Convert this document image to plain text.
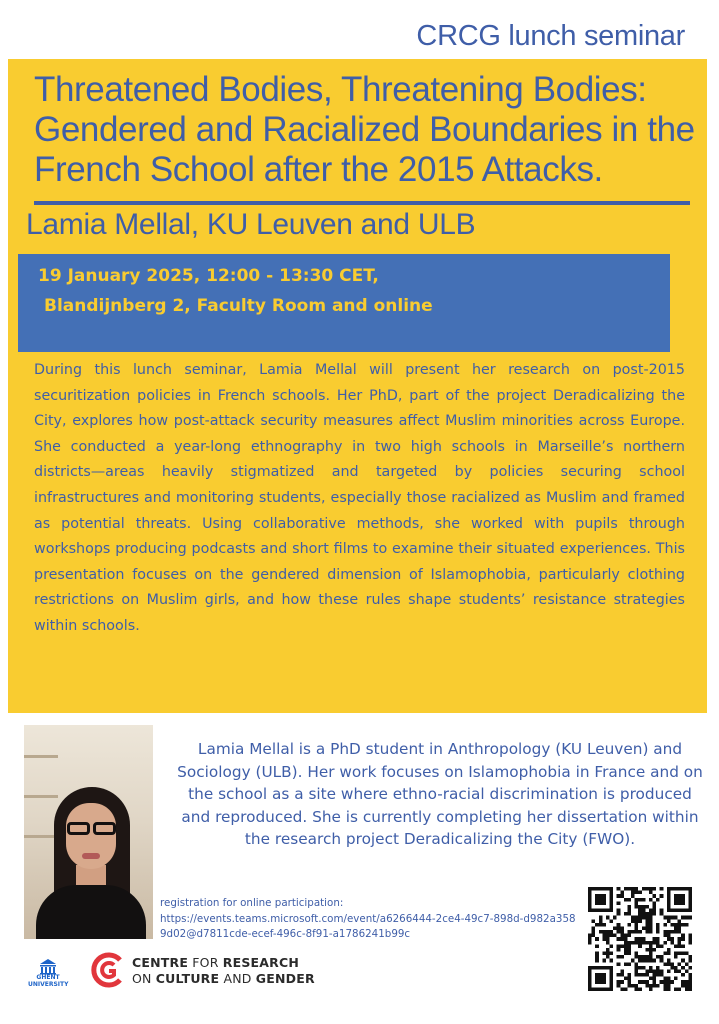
CRCG lunch seminar
Threatened Bodies, Threatening Bodies: Gendered and Racialized Boundaries in the French School after the 2015 Attacks.
Lamia Mellal, KU Leuven and ULB
19 January 2025, 12:00 - 13:30 CET,
Blandijnberg 2, Faculty Room and online

During this lunch seminar, Lamia Mellal will present her research on post-2015 securitization policies in French schools. Her PhD, part of the project Deradicalizing the City, explores how post-attack security measures affect Muslim minorities across Europe. She conducted a year-long ethnography in two high schools in Marseille’s northern districts—areas heavily stigmatized and targeted by policies securing school infrastructures and monitoring students, especially those racialized as Muslim and framed as potential threats. Using collaborative methods, she worked with pupils through workshops producing podcasts and short films to examine their situated experiences. This presentation focuses on the gendered dimension of Islamophobia, particularly clothing restrictions on Muslim girls, and how these rules shape students’ resistance strategies within schools.

Lamia Mellal is a PhD student in Anthropology (KU Leuven) and Sociology (ULB). Her work focuses on Islamophobia in France and on the school as a site where ethno-racial discrimination is produced and reproduced. She is currently completing her dissertation within the research project Deradicalizing the City (FWO).

registration for online participation:
https://events.teams.microsoft.com/event/a6266444-2ce4-49c7-898d-d982a3589d02@d7811cde-ecef-496c-8f91-a1786241b99c
GHENT
UNIVERSITY
CENTRE FOR RESEARCH
ON CULTURE AND GENDER
